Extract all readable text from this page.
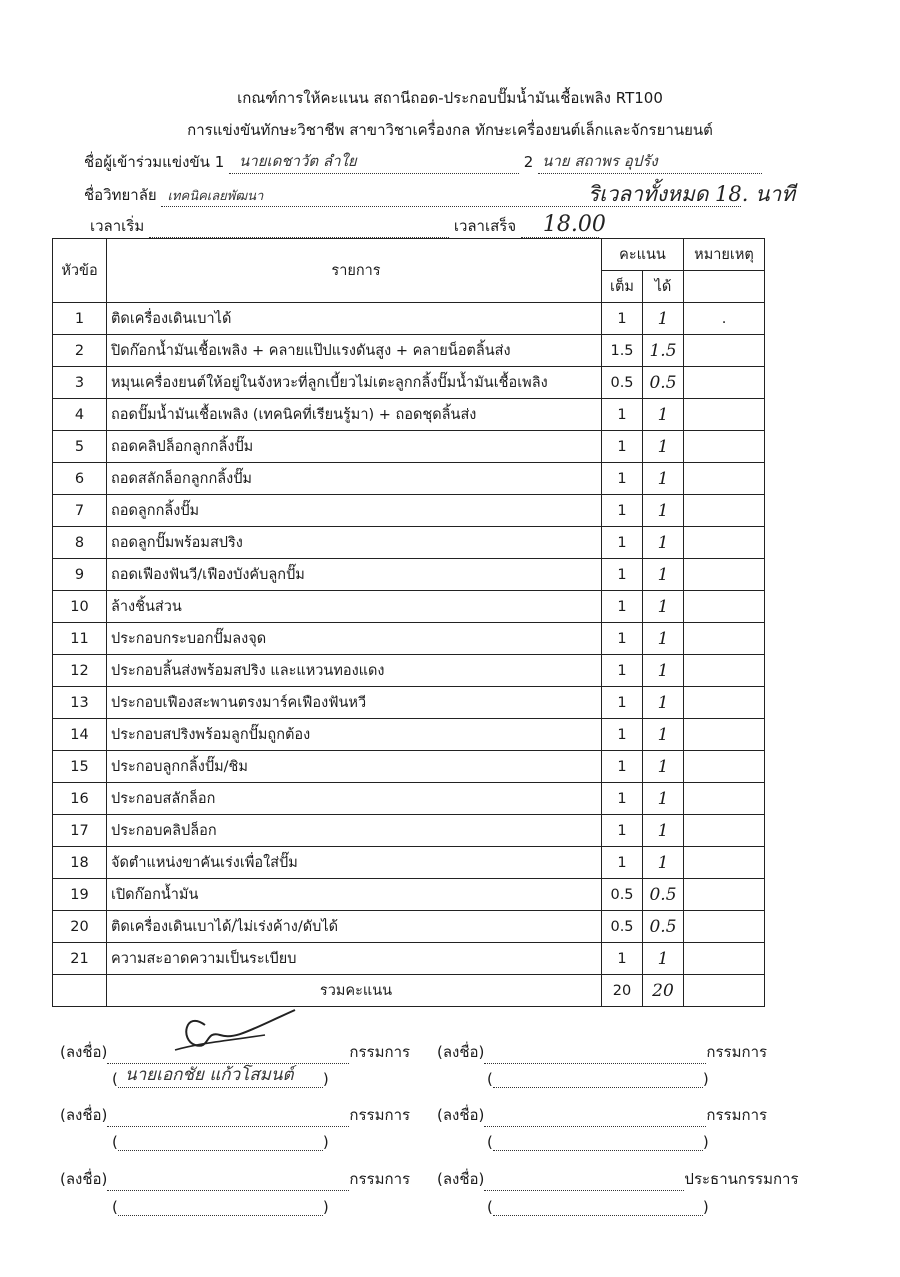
เกณฑ์การให้คะแนน สถานีถอด-ประกอบปั๊มน้ำมันเชื้อเพลิง RT100
การแข่งขันทักษะวิชาชีพ สาขาวิชาเครื่องกล ทักษะเครื่องยนต์เล็กและจักรยานยนต์
ชื่อผู้เข้าร่วมแข่งขัน 1 นายเดชาวัต ลำใย	2 นาย สถาพร อุปรัง
ชื่อวิทยาลัย เทคนิคเลยพัฒนา
เวลาเริ่ม	เวลาเสร็จ 18.00
ริเวลาทั้งหมด 18. นาที
หัวข้อ	รายการ	คะแนน		หมายเหตุ
		เต็ม	ได้	
1	ติดเครื่องเดินเบาได้	1	1	.
2	ปิดก๊อกน้ำมันเชื้อเพลิง + คลายแป๊ปแรงดันสูง + คลายน็อตลิ้นส่ง	1.5	1.5	
3	หมุนเครื่องยนต์ให้อยู่ในจังหวะที่ลูกเบี้ยวไม่เตะลูกกลิ้งปั๊มน้ำมันเชื้อเพลิง	0.5	0.5	
4	ถอดปั๊มน้ำมันเชื้อเพลิง (เทคนิคที่เรียนรู้มา) + ถอดชุดลิ้นส่ง	1	1	
5	ถอดคลิปล็อกลูกกลิ้งปั๊ม	1	1	
6	ถอดสลักล็อกลูกกลิ้งปั๊ม	1	1	
7	ถอดลูกกลิ้งปั๊ม	1	1	
8	ถอดลูกปั๊มพร้อมสปริง	1	1	
9	ถอดเฟืองฟันวี/เฟืองบังคับลูกปั๊ม	1	1	
10	ล้างชิ้นส่วน	1	1	
11	ประกอบกระบอกปั๊มลงจุด	1	1	
12	ประกอบลิ้นส่งพร้อมสปริง และแหวนทองแดง	1	1	
13	ประกอบเฟืองสะพานตรงมาร์คเฟืองฟันหวี	1	1	
14	ประกอบสปริงพร้อมลูกปั๊มถูกต้อง	1	1	
15	ประกอบลูกกลิ้งปั๊ม/ชิม	1	1	
16	ประกอบสลักล็อก	1	1	
17	ประกอบคลิปล็อก	1	1	
18	จัดตำแหน่งขาคันเร่งเพื่อใส่ปั๊ม	1	1	
19	เปิดก๊อกน้ำมัน	0.5	0.5	
20	ติดเครื่องเดินเบาได้/ไม่เร่งค้าง/ดับได้	0.5	0.5	
21	ความสะอาดความเป็นระเบียบ	1	1	
	รวมคะแนน	20	20	
(ลงชื่อ)	กรรมการ (ลงชื่อ)	กรรมการ
(	)
นายเอกชัย แก้วโสมนต์	(	)
(ลงชื่อ)	กรรมการ (ลงชื่อ)	กรรมการ
(	)	(	)
(ลงชื่อ)	กรรมการ (ลงชื่อ)	ประธานกรรมการ
(	)	(	)
